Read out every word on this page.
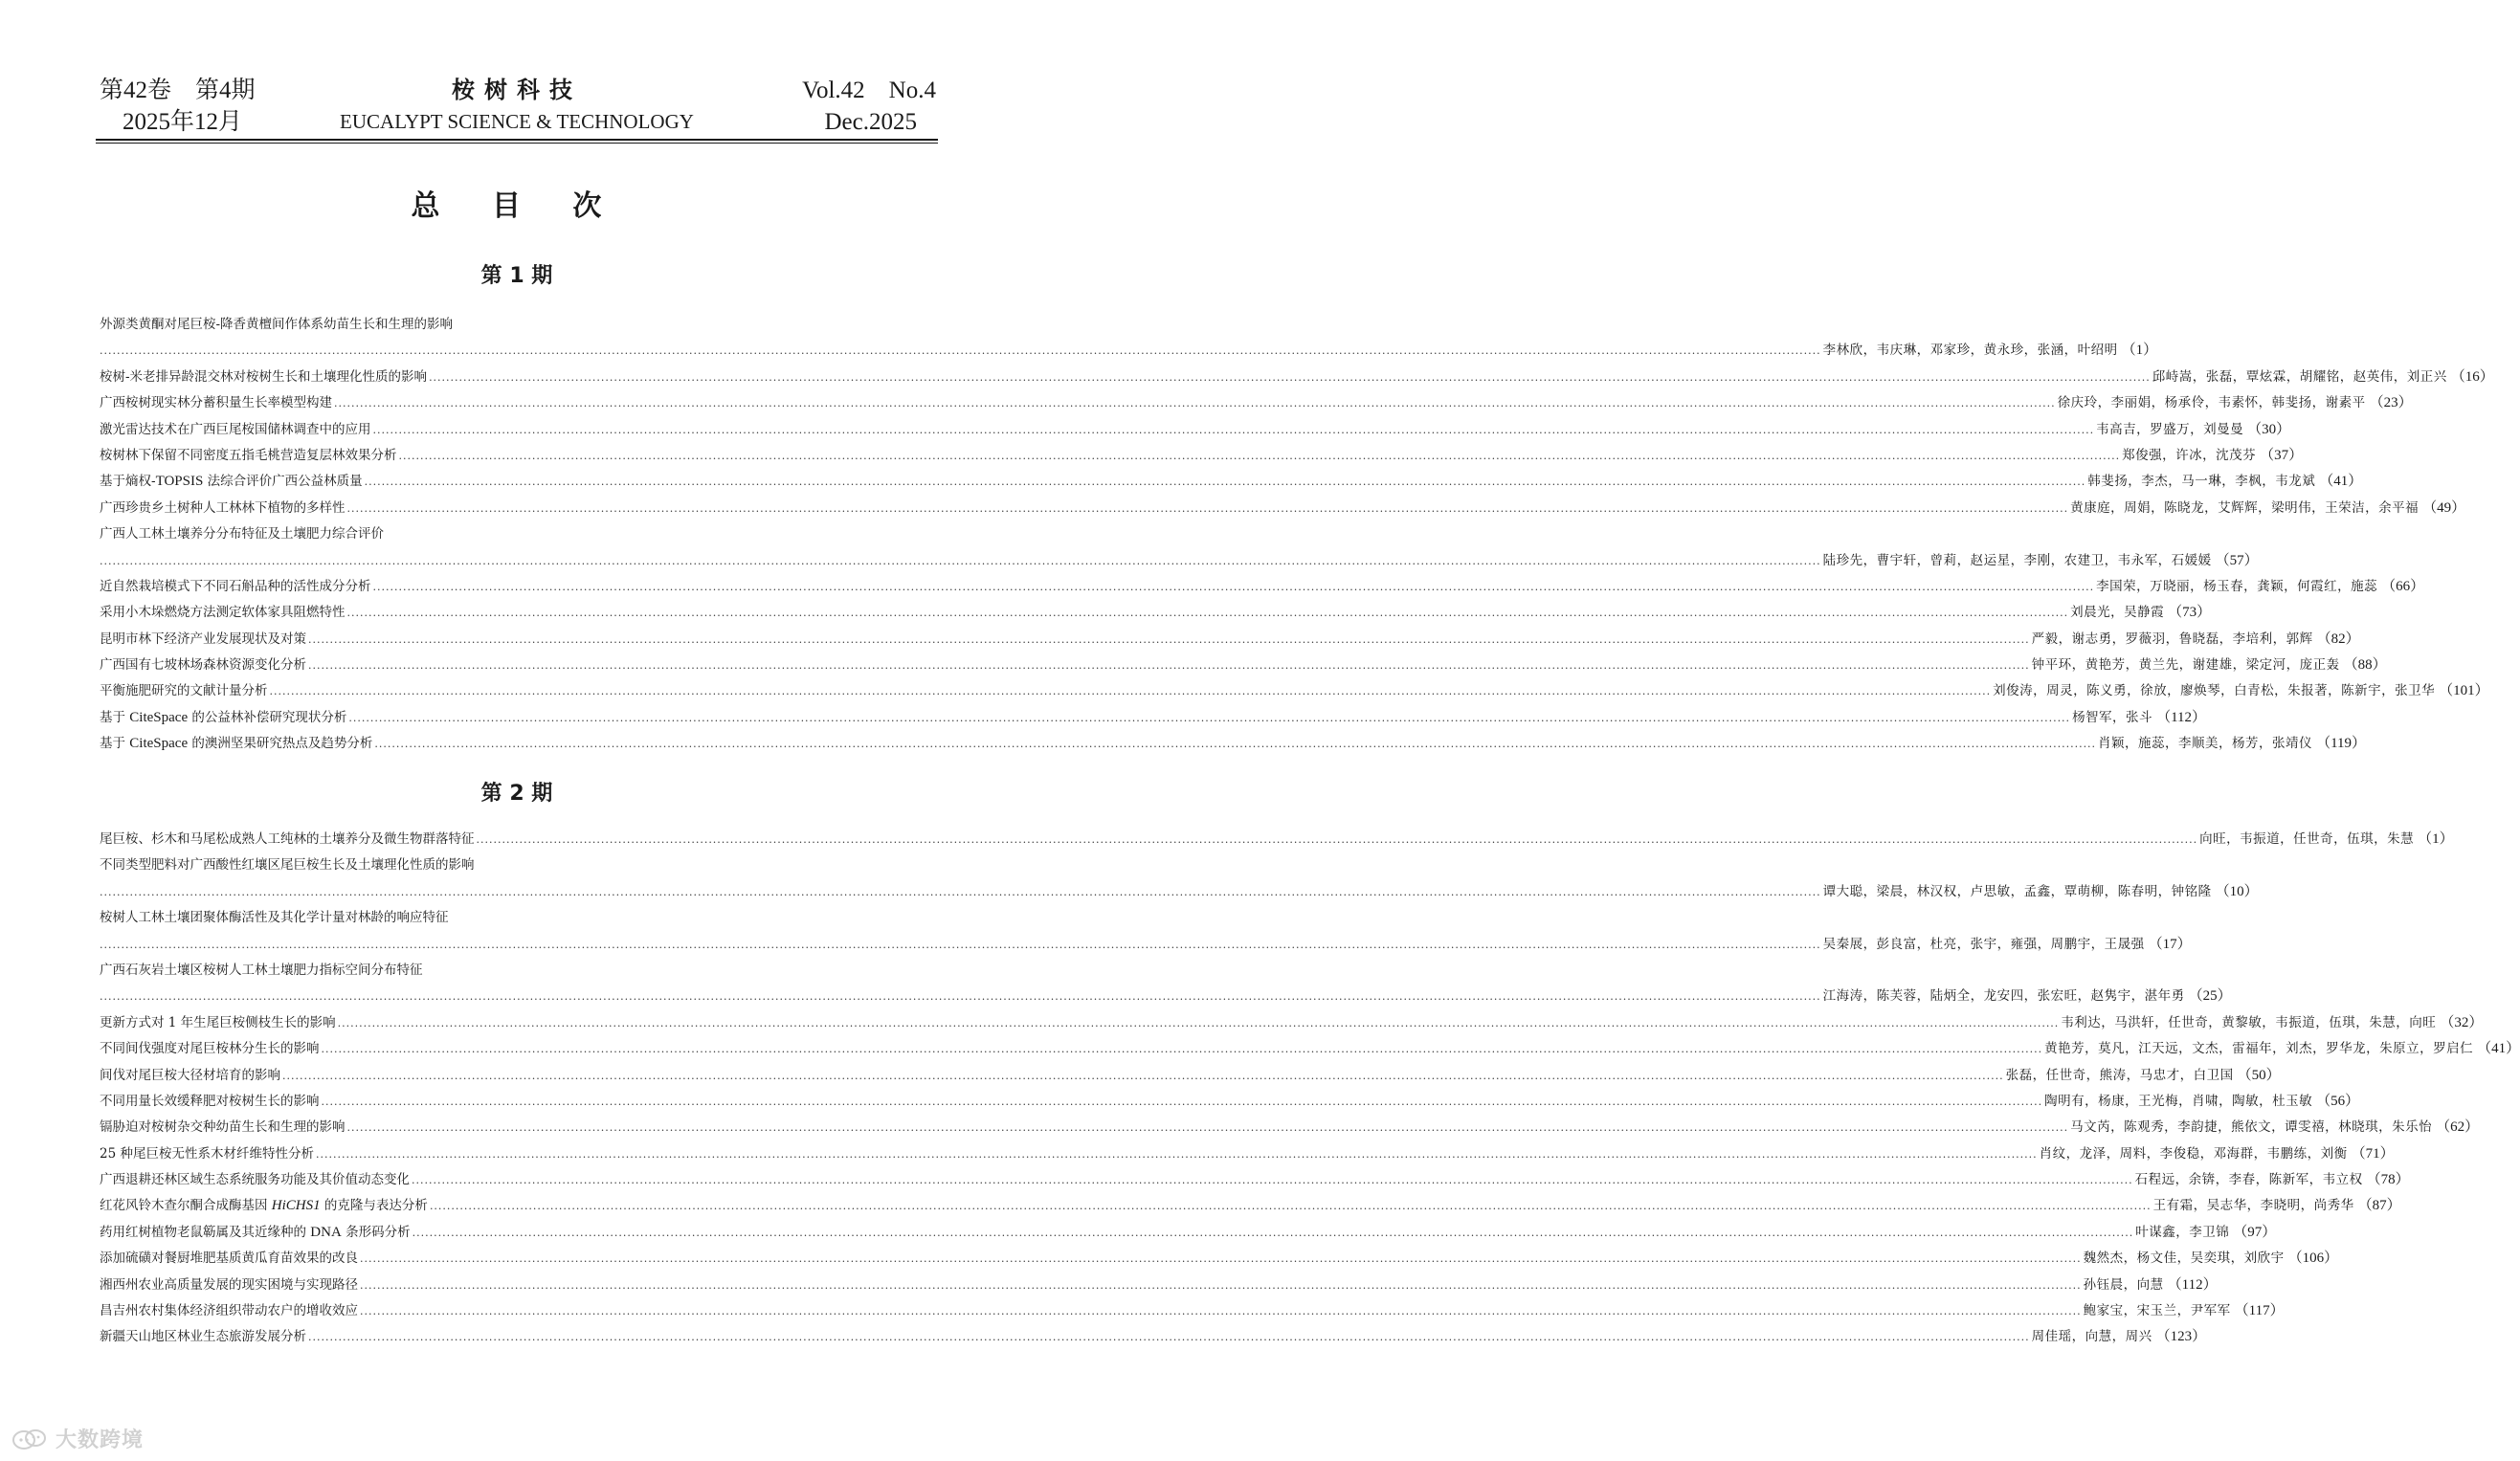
第42卷　第4期
2025年12月
桉树科技
EUCALYPT SCIENCE & TECHNOLOGY
Vol.42　No.4
Dec.2025
总 目 次
第 1 期
外源类黄酮对尾巨桉-降香黄檀间作体系幼苗生长和生理的影响
................................................................................................................................................................................................................................................................................................................................................................................................................ 李林欣，韦庆琳，邓家珍，黄永珍，张涵，叶绍明 （1）
桉树-米老排异龄混交林对桉树生长和土壤理化性质的影响 ................................................................................................................................................................................................................................................................................................................................................................................................................ 邱峙嵩，张磊，覃炫霖，胡耀铭，赵英伟，刘正兴 （16）
广西桉树现实林分蓄积量生长率模型构建 ................................................................................................................................................................................................................................................................................................................................................................................................................ 徐庆玲，李丽娟，杨承伶，韦素怀，韩斐扬，谢素平 （23）
激光雷达技术在广西巨尾桉国储林调查中的应用 ................................................................................................................................................................................................................................................................................................................................................................................................................ 韦高吉，罗盛万，刘曼曼 （30）
桉树林下保留不同密度五指毛桃营造复层林效果分析 ................................................................................................................................................................................................................................................................................................................................................................................................................ 郑俊强，许冰，沈茂芬 （37）
基于熵权-TOPSIS 法综合评价广西公益林质量 ................................................................................................................................................................................................................................................................................................................................................................................................................ 韩斐扬，李杰，马一琳，李枫，韦龙斌 （41）
广西珍贵乡土树种人工林林下植物的多样性 ................................................................................................................................................................................................................................................................................................................................................................................................................ 黄康庭，周娟，陈晓龙，艾辉辉，梁明伟，王荣洁，余平福 （49）
广西人工林土壤养分分布特征及土壤肥力综合评价
................................................................................................................................................................................................................................................................................................................................................................................................................ 陆珍先，曹宇轩，曾莉，赵运星，李刚，农建卫，韦永军，石媛媛 （57）
近自然栽培模式下不同石斛品种的活性成分分析 ................................................................................................................................................................................................................................................................................................................................................................................................................ 李国荣，万晓丽，杨玉春，龚颖，何霞红，施蕊 （66）
采用小木垛燃烧方法测定软体家具阻燃特性 ................................................................................................................................................................................................................................................................................................................................................................................................................ 刘晨光，吴静霞 （73）
昆明市林下经济产业发展现状及对策 ................................................................................................................................................................................................................................................................................................................................................................................................................ 严毅，谢志勇，罗薇羽，鲁晓磊，李培利，郭辉 （82）
广西国有七坡林场森林资源变化分析 ................................................................................................................................................................................................................................................................................................................................................................................................................ 钟平环，黄艳芳，黄兰先，谢建雄，梁定河，庞正轰 （88）
平衡施肥研究的文献计量分析 ................................................................................................................................................................................................................................................................................................................................................................................................................ 刘俊涛，周灵，陈义勇，徐放，廖焕琴，白青松，朱报著，陈新宇，张卫华 （101）
基于 CiteSpace 的公益林补偿研究现状分析 ................................................................................................................................................................................................................................................................................................................................................................................................................ 杨智军，张斗 （112）
基于 CiteSpace 的澳洲坚果研究热点及趋势分析 ................................................................................................................................................................................................................................................................................................................................................................................................................ 肖颖，施蕊，李顺美，杨芳，张靖仪 （119）
第 2 期
尾巨桉、杉木和马尾松成熟人工纯林的土壤养分及微生物群落特征 ................................................................................................................................................................................................................................................................................................................................................................................................................ 向旺，韦振道，任世奇，伍琪，朱慧 （1）
不同类型肥料对广西酸性红壤区尾巨桉生长及土壤理化性质的影响
................................................................................................................................................................................................................................................................................................................................................................................................................ 谭大聪，梁晨，林汉权，卢思敏，孟鑫，覃萌柳，陈春明，钟铭隆 （10）
桉树人工林土壤团聚体酶活性及其化学计量对林龄的响应特征
................................................................................................................................................................................................................................................................................................................................................................................................................ 吴秦展，彭良富，杜亮，张宇，雍强，周鹏宇，王晟强 （17）
广西石灰岩土壤区桉树人工林土壤肥力指标空间分布特征
................................................................................................................................................................................................................................................................................................................................................................................................................ 江海涛，陈芙蓉，陆炳全，龙安四，张宏旺，赵隽宇，湛年勇 （25）
更新方式对 1 年生尾巨桉侧枝生长的影响 ................................................................................................................................................................................................................................................................................................................................................................................................................ 韦利达，马洪轩，任世奇，黄黎敏，韦振道，伍琪，朱慧，向旺 （32）
不同间伐强度对尾巨桉林分生长的影响 ................................................................................................................................................................................................................................................................................................................................................................................................................ 黄艳芳，莫凡，江天远，文杰，雷福年，刘杰，罗华龙，朱原立，罗启仁 （41）
间伐对尾巨桉大径材培育的影响 ................................................................................................................................................................................................................................................................................................................................................................................................................ 张磊，任世奇，熊涛，马忠才，白卫国 （50）
不同用量长效缓释肥对桉树生长的影响 ................................................................................................................................................................................................................................................................................................................................................................................................................ 陶明有，杨康，王光梅，肖啸，陶敏，杜玉敏 （56）
镉胁迫对桉树杂交种幼苗生长和生理的影响 ................................................................................................................................................................................................................................................................................................................................................................................................................ 马文芮，陈观秀，李韵捷，熊依文，谭雯禧，林晓琪，朱乐怡 （62）
25 种尾巨桉无性系木材纤维特性分析 ................................................................................................................................................................................................................................................................................................................................................................................................................ 肖纹，龙泽，周料，李俊稳，邓海群，韦鹏练，刘衡 （71）
广西退耕还林区域生态系统服务功能及其价值动态变化 ................................................................................................................................................................................................................................................................................................................................................................................................................ 石程远，余锛，李春，陈新军，韦立权 （78）
红花风铃木查尔酮合成酶基因 HiCHS1 的克隆与表达分析 ................................................................................................................................................................................................................................................................................................................................................................................................................ 王有霜，吴志华，李晓明，尚秀华 （87）
药用红树植物老鼠簕属及其近缘种的 DNA 条形码分析 ................................................................................................................................................................................................................................................................................................................................................................................................................ 叶谋鑫，李卫锦 （97）
添加硫磺对餐厨堆肥基质黄瓜育苗效果的改良 ................................................................................................................................................................................................................................................................................................................................................................................................................ 魏然杰，杨文佳，吴奕琪，刘欣宇 （106）
湘西州农业高质量发展的现实困境与实现路径 ................................................................................................................................................................................................................................................................................................................................................................................................................ 孙钰晨，向慧 （112）
昌吉州农村集体经济组织带动农户的增收效应 ................................................................................................................................................................................................................................................................................................................................................................................................................ 鲍家宝，宋玉兰，尹军军 （117）
新疆天山地区林业生态旅游发展分析 ................................................................................................................................................................................................................................................................................................................................................................................................................ 周佳瑶，向慧，周兴 （123）
大数跨境
